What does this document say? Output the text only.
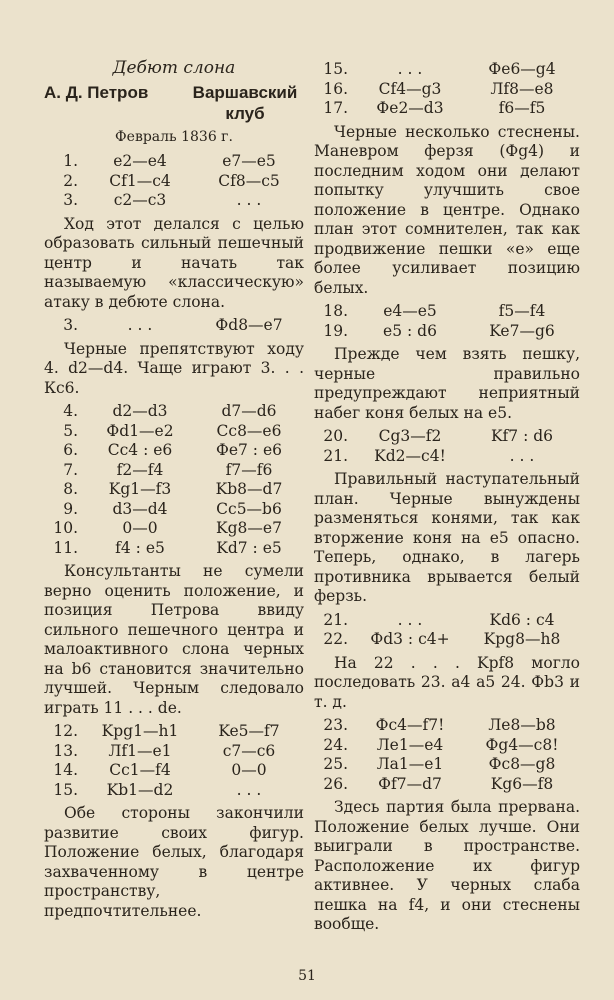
Дебют слона
А. Д. Петров	Варшавский клуб
Февраль 1836 г.
1.	e2—e4	e7—e5
2.	Cf1—c4	Cf8—c5
3.	c2—c3	. . .

Ход этот делался с целью образовать сильный пешечный центр и начать так называемую «классическую» атаку в дебюте слона.

3.	. . .	Фd8—e7

Черные препятствуют ходу 4. d2—d4. Чаще играют 3. . . Кc6.

4.	d2—d3	d7—d6
5.	Фd1—e2	Cc8—e6
6.	Cc4 : e6	Фe7 : e6
7.	f2—f4	f7—f6
8.	Kg1—f3	Kb8—d7
9.	d3—d4	Cc5—b6
10.	0—0	Kg8—e7
11.	f4 : e5	Kd7 : e5

Консультанты не сумели верно оценить положение, и позиция Петрова ввиду сильного пешечного центра и малоактивного слона черных на b6 становится значительно лучшей. Черным следовало играть 11 . . . de.

12.	Kpg1—h1	Ke5—f7
13.	Лf1—e1	c7—c6
14.	Cc1—f4	0—0
15.	Kb1—d2	. . .

Обе стороны закончили развитие своих фигур. Положение белых, благодаря захваченному в центре пространству, предпочтительнее.

15.	. . .	Фe6—g4
16.	Cf4—g3	Лf8—e8
17.	Фe2—d3	f6—f5

Черные несколько стеснены. Маневром ферзя (Фg4) и последним ходом они делают попытку улучшить свое положение в центре. Однако план этот сомнителен, так как продвижение пешки «e» еще более усиливает позицию белых.

18.	e4—e5	f5—f4
19.	e5 : d6	Ke7—g6

Прежде чем взять пешку, черные правильно предупреждают неприятный набег коня белых на e5.

20.	Cg3—f2	Kf7 : d6
21.	Kd2—c4!	. . .

Правильный наступательный план. Черные вынуждены разменяться конями, так как вторжение коня на e5 опасно. Теперь, однако, в лагерь противника врывается белый ферзь.

21.	. . .	Kd6 : c4
22.	Фd3 : c4+	Kpg8—h8

На 22 . . . Kpf8 могло последовать 23. a4 a5 24. Фb3 и т. д.

23.	Фc4—f7!	Лe8—b8
24.	Лe1—e4	Фg4—c8!
25.	Лa1—e1	Фc8—g8
26.	Фf7—d7	Kg6—f8

Здесь партия была прервана. Положение белых лучше. Они выиграли в пространстве. Расположение их фигур активнее. У черных слаба пешка на f4, и они стеснены вообще.

51
